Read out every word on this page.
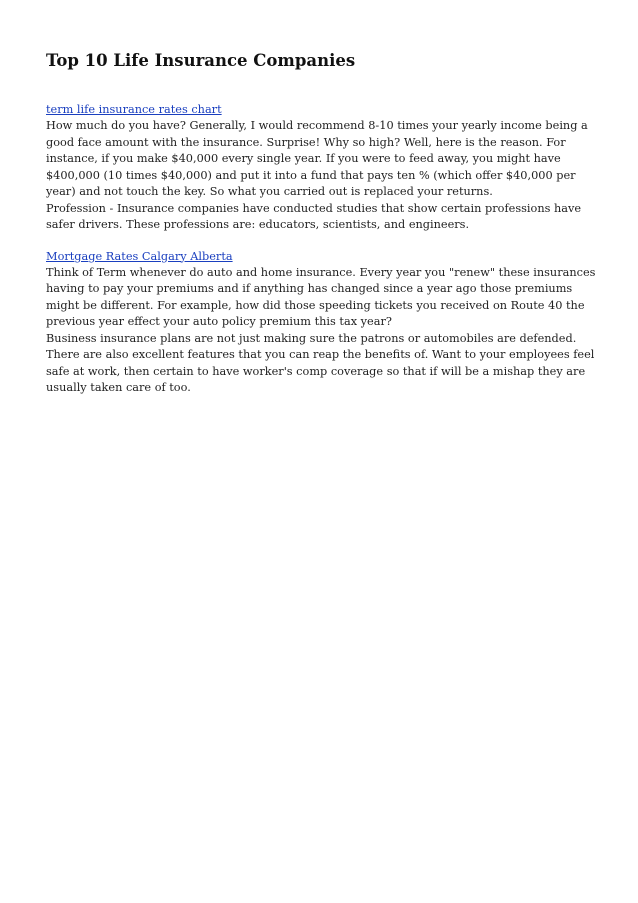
Top 10 Life Insurance Companies
term life insurance rates chart

How much do you have? Generally, I would recommend 8-10 times your yearly income being a good face amount with the insurance. Surprise! Why so high? Well, here is the reason. For instance, if you make $40,000 every single year. If you were to feed away, you might have $400,000 (10 times $40,000) and put it into a fund that pays ten % (which offer $40,000 per year) and not touch the key. So what you carried out is replaced your returns.

Profession - Insurance companies have conducted studies that show certain professions have safer drivers. These professions are: educators, scientists, and engineers.

Mortgage Rates Calgary Alberta

Think of Term whenever do auto and home insurance. Every year you "renew" these insurances having to pay your premiums and if anything has changed since a year ago those premiums might be different. For example, how did those speeding tickets you received on Route 40 the previous year effect your auto policy premium this tax year?

Business insurance plans are not just making sure the patrons or automobiles are defended. There are also excellent features that you can reap the benefits of. Want to your employees feel safe at work, then certain to have worker's comp coverage so that if will be a mishap they are usually taken care of too.
